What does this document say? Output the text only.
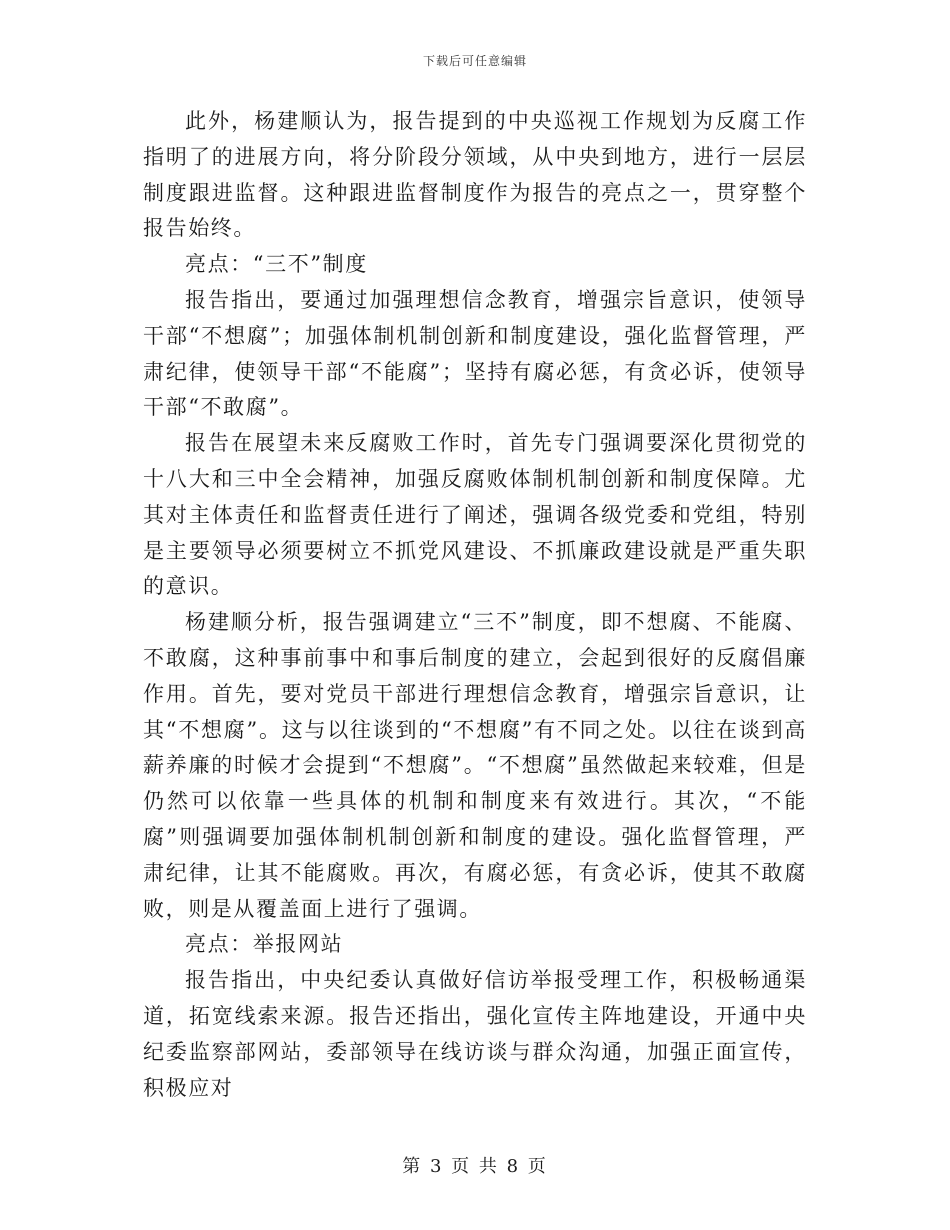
下载后可任意编辑

此外，杨建顺认为，报告提到的中央巡视工作规划为反腐工作指明了的进展方向，将分阶段分领域，从中央到地方，进行一层层制度跟进监督。这种跟进监督制度作为报告的亮点之一，贯穿整个报告始终。

亮点：“三不”制度

报告指出，要通过加强理想信念教育，增强宗旨意识，使领导干部“不想腐”；加强体制机制创新和制度建设，强化监督管理，严肃纪律，使领导干部“不能腐”；坚持有腐必惩，有贪必诉，使领导干部“不敢腐”。

报告在展望未来反腐败工作时，首先专门强调要深化贯彻党的十八大和三中全会精神，加强反腐败体制机制创新和制度保障。尤其对主体责任和监督责任进行了阐述，强调各级党委和党组，特别是主要领导必须要树立不抓党风建设、不抓廉政建设就是严重失职的意识。

杨建顺分析，报告强调建立“三不”制度，即不想腐、不能腐、不敢腐，这种事前事中和事后制度的建立，会起到很好的反腐倡廉作用。首先，要对党员干部进行理想信念教育，增强宗旨意识，让其“不想腐”。这与以往谈到的“不想腐”有不同之处。以往在谈到高薪养廉的时候才会提到“不想腐”。“不想腐”虽然做起来较难，但是仍然可以依靠一些具体的机制和制度来有效进行。其次，“不能腐”则强调要加强体制机制创新和制度的建设。强化监督管理，严肃纪律，让其不能腐败。再次，有腐必惩，有贪必诉，使其不敢腐败，则是从覆盖面上进行了强调。

亮点：举报网站

报告指出，中央纪委认真做好信访举报受理工作，积极畅通渠道，拓宽线索来源。报告还指出，强化宣传主阵地建设，开通中央纪委监察部网站，委部领导在线访谈与群众沟通，加强正面宣传，积极应对

第 3 页 共 8 页
